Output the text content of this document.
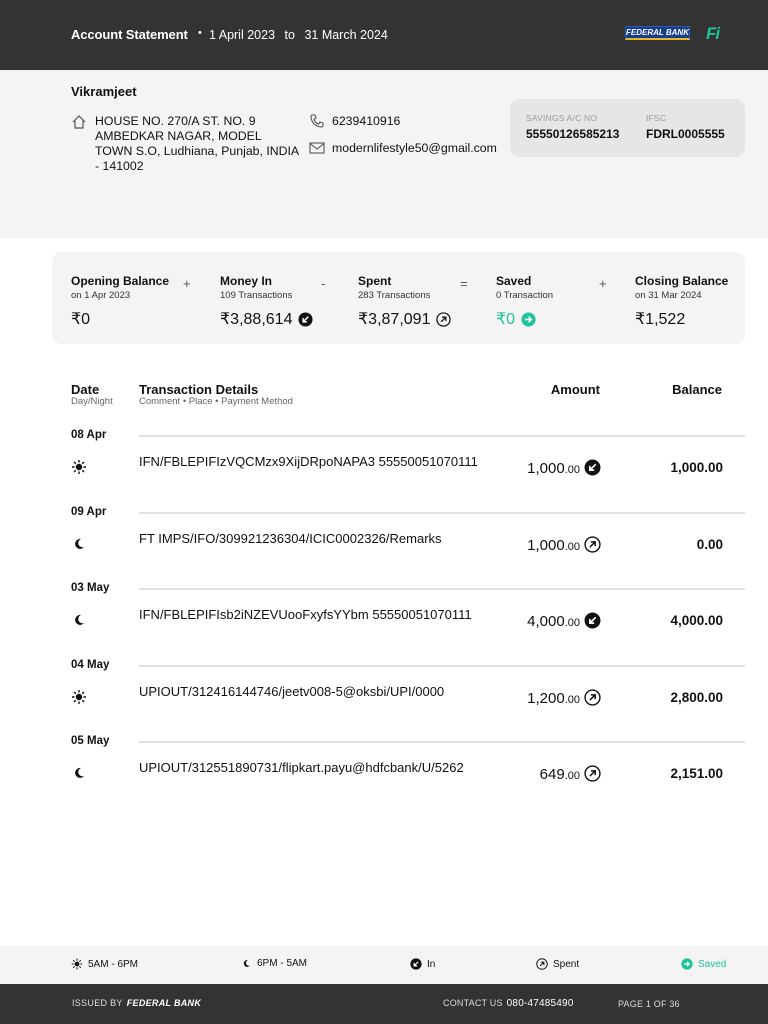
Account Statement • 1 April 2023 to 31 March 2024	FEDERAL BANK Fi
Vikramjeet
HOUSE NO. 270/A ST. NO. 9 AMBEDKAR NAGAR, MODEL TOWN S.O, Ludhiana, Punjab, INDIA - 141002
6239410916
modernlifestyle50@gmail.com
SAVINGS A/C NO
55550126585213
IFSC
FDRL0005555
Opening Balance
on 1 Apr 2023
₹0
+ Money In
109 Transactions
₹3,88,614
-	Spent
283 Transactions
₹3,87,091
= Saved
0 Transaction
₹0
+ Closing Balance
on 31 Mar 2024
₹1,522
Date
Day/Night
Transaction Details
Comment • Place • Payment Method
Amount	Balance
08 Apr
IFN/FBLEPIFIzVQCMzx9XijDRpoNAPA3 55550051070111	1,000.00	1,000.00
09 Apr
FT IMPS/IFO/309921236304/ICIC0002326/Remarks	1,000.00	0.00
03 May
IFN/FBLEPIFIsb2iNZEVUooFxyfsYYbm 55550051070111	4,000.00	4,000.00
04 May
UPIOUT/312416144746/jeetv008-5@oksbi/UPI/0000	1,200.00	2,800.00
05 May
UPIOUT/312551890731/flipkart.payu@hdfcbank/U/5262	649.00	2,151.00
5AM - 6PM	6PM - 5AM	In	Spent	Saved
ISSUED BY FEDERAL BANK	CONTACT US 080-47485490	PAGE 1 OF 36
